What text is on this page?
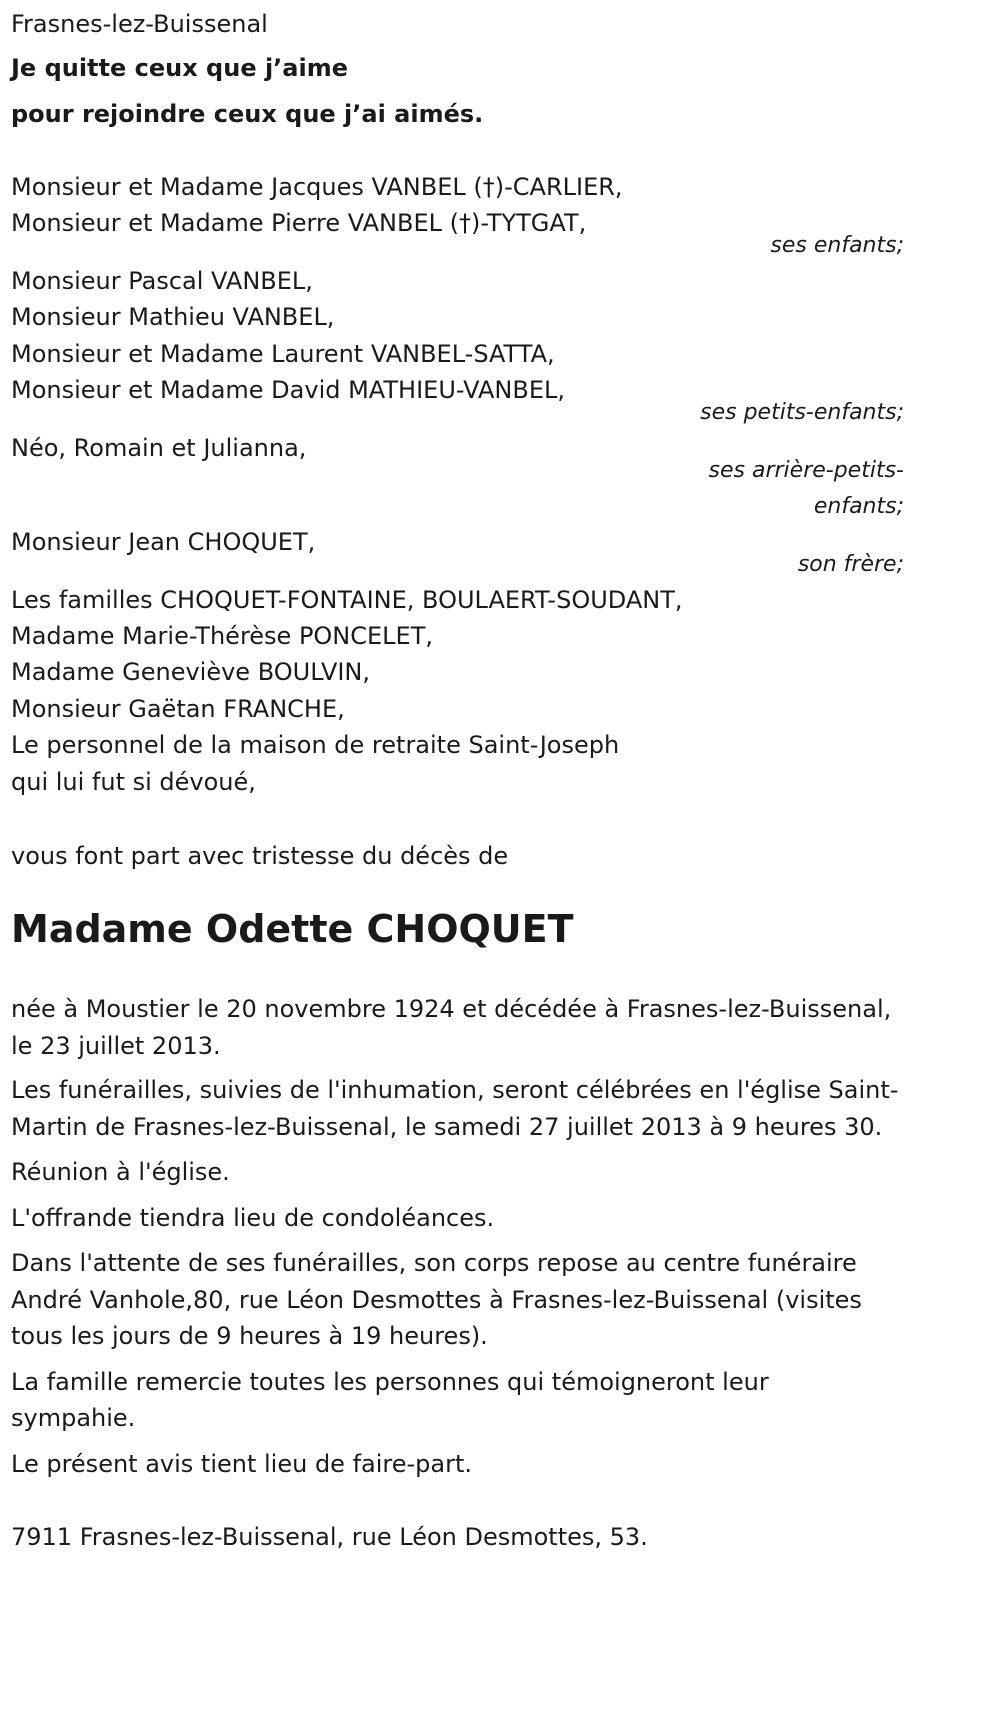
Frasnes-lez-Buissenal
Je quitte ceux que j’aime
pour rejoindre ceux que j’ai aimés.
Monsieur et Madame Jacques VANBEL (†)-CARLIER,
Monsieur et Madame Pierre VANBEL (†)-TYTGAT,
ses enfants;
Monsieur Pascal VANBEL,
Monsieur Mathieu VANBEL,
Monsieur et Madame Laurent VANBEL-SATTA,
Monsieur et Madame David MATHIEU-VANBEL,
ses petits-enfants;
Néo, Romain et Julianna,
ses arrière-petits-
enfants;
Monsieur Jean CHOQUET,
son frère;
Les familles CHOQUET-FONTAINE, BOULAERT-SOUDANT,
Madame Marie-Thérèse PONCELET,
Madame Geneviève BOULVIN,
Monsieur Gaëtan FRANCHE,
Le personnel de la maison de retraite Saint-Joseph
qui lui fut si dévoué,
vous font part avec tristesse du décès de
Madame Odette CHOQUET
née à Moustier le 20 novembre 1924 et décédée à Frasnes-lez-Buissenal,
le 23 juillet 2013.
Les funérailles, suivies de l'inhumation, seront célébrées en l'église Saint-
Martin de Frasnes-lez-Buissenal, le samedi 27 juillet 2013 à 9 heures 30.
Réunion à l'église.
L'offrande tiendra lieu de condoléances.
Dans l'attente de ses funérailles, son corps repose au centre funéraire
André Vanhole,80, rue Léon Desmottes à Frasnes-lez-Buissenal (visites
tous les jours de 9 heures à 19 heures).
La famille remercie toutes les personnes qui témoigneront leur
sympahie.
Le présent avis tient lieu de faire-part.
7911 Frasnes-lez-Buissenal, rue Léon Desmottes, 53.
